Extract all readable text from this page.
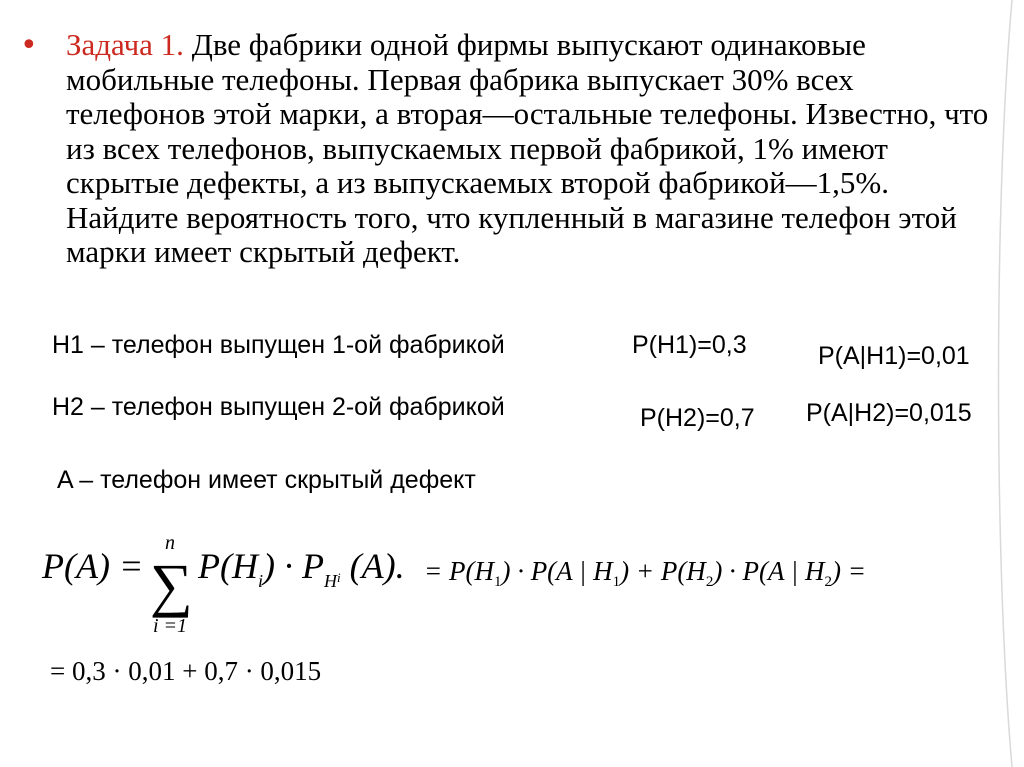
• Задача 1. Две фабрики одной фирмы выпускают одинаковые мобильные телефоны. Первая фабрика выпускает 30% всех телефонов этой марки, а вторая—остальные телефоны. Известно, что из всех телефонов, выпускаемых первой фабрикой, 1% имеют скрытые дефекты, а из выпускаемых второй фабрикой—1,5%. Найдите вероятность того, что купленный в магазине телефон этой марки имеет скрытый дефект.
H1 – телефон выпущен 1-ой фабрикой	P(H1)=0,3	P(A|H1)=0,01
H2 – телефон выпущен 2-ой фабрикой	P(H2)=0,7 P(A|H2)=0,015
A – телефон имеет скрытый дефект
P(A) =
n
∑
i =1
$P(H_i) \cdot P_Hi$ (A). = $P(H_1) \cdot P(A$ | $H_1) + P(H_2) \cdot P(A$ | $H_2$) =
= 0,3 · 0,01 + 0,7 · 0,015
